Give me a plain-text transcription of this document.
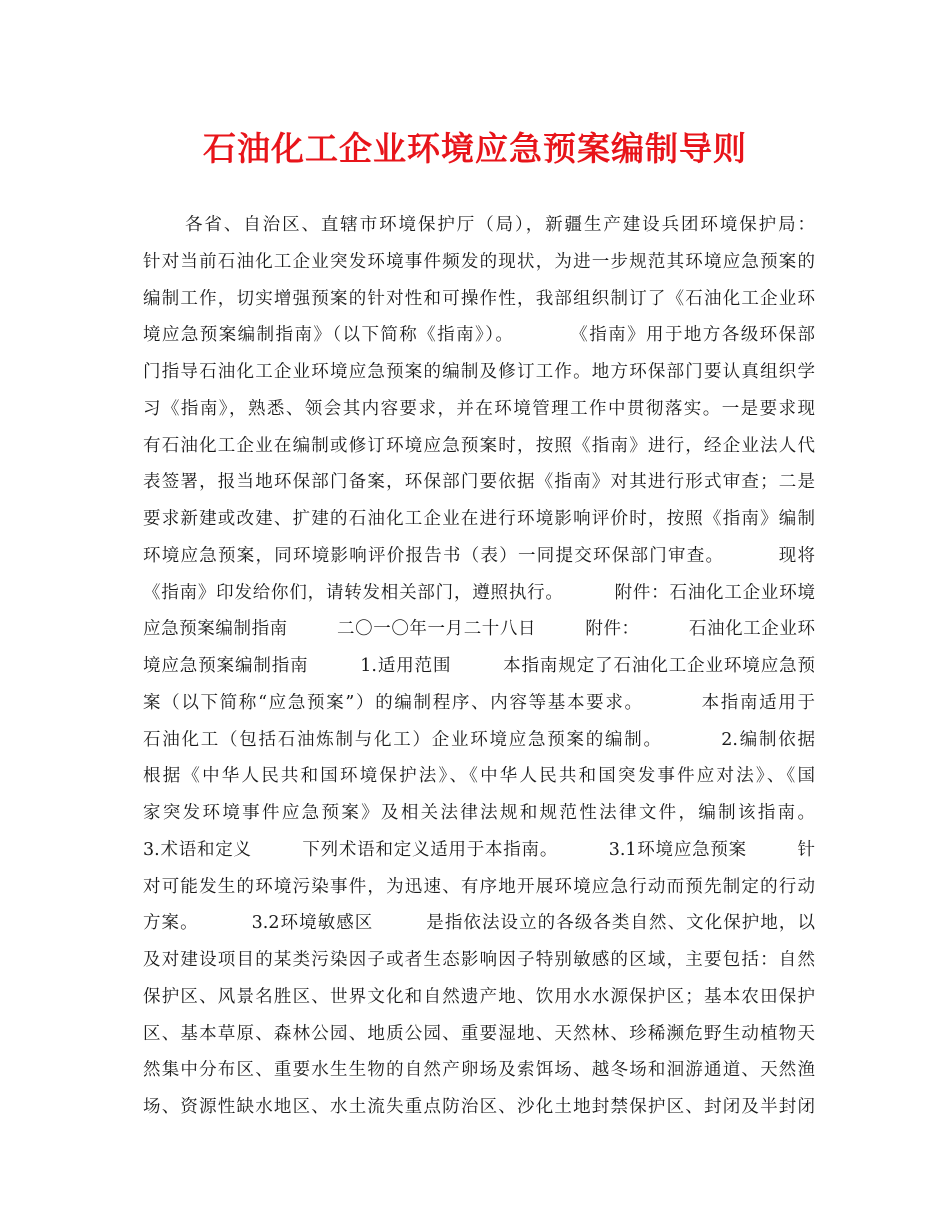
石油化工企业环境应急预案编制导则
各省、自治区、直辖市环境保护厅（局），新疆生产建设兵团环境保护局：
针对当前石油化工企业突发环境事件频发的现状，为进一步规范其环境应急预案的
编制工作，切实增强预案的针对性和可操作性，我部组织制订了《石油化工企业环
境应急预案编制指南》（以下简称《指南》）。        《指南》用于地方各级环保部
门指导石油化工企业环境应急预案的编制及修订工作。地方环保部门要认真组织学
习《指南》，熟悉、领会其内容要求，并在环境管理工作中贯彻落实。一是要求现
有石油化工企业在编制或修订环境应急预案时，按照《指南》进行，经企业法人代
表签署，报当地环保部门备案，环保部门要依据《指南》对其进行形式审查；二是
要求新建或改建、扩建的石油化工企业在进行环境影响评价时，按照《指南》编制
环境应急预案，同环境影响评价报告书（表）一同提交环保部门审查。        现将
《指南》印发给你们，请转发相关部门，遵照执行。        附件：石油化工企业环境
应急预案编制指南        二〇一〇年一月二十八日        附件：        石油化工企业环
境应急预案编制指南        1.适用范围        本指南规定了石油化工企业环境应急预
案（以下简称“应急预案”）的编制程序、内容等基本要求。        本指南适用于
石油化工（包括石油炼制与化工）企业环境应急预案的编制。        2.编制依据
根据《中华人民共和国环境保护法》、《中华人民共和国突发事件应对法》、《国
家突发环境事件应急预案》及相关法律法规和规范性法律文件，编制该指南。
3.术语和定义        下列术语和定义适用于本指南。        3.1环境应急预案        针
对可能发生的环境污染事件，为迅速、有序地开展环境应急行动而预先制定的行动
方案。        3.2环境敏感区        是指依法设立的各级各类自然、文化保护地，以
及对建设项目的某类污染因子或者生态影响因子特别敏感的区域，主要包括：自然
保护区、风景名胜区、世界文化和自然遗产地、饮用水水源保护区；基本农田保护
区、基本草原、森林公园、地质公园、重要湿地、天然林、珍稀濒危野生动植物天
然集中分布区、重要水生生物的自然产卵场及索饵场、越冬场和洄游通道、天然渔
场、资源性缺水地区、水土流失重点防治区、沙化土地封禁保护区、封闭及半封闭
